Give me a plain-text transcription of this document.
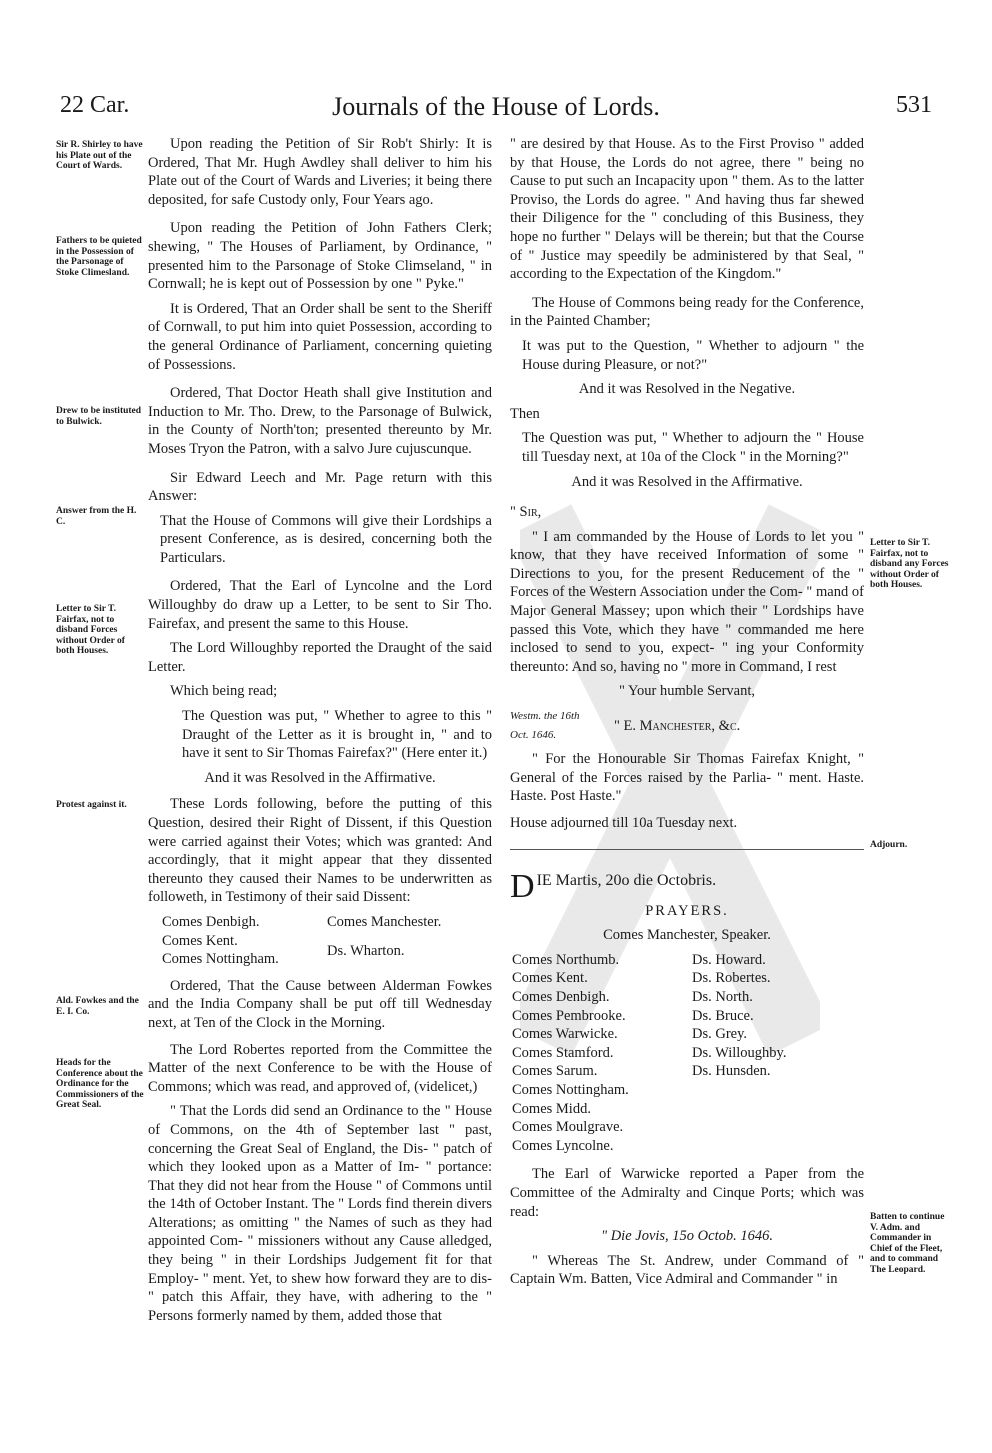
22 Car.	Journals of the House of Lords.	531
Sir R. Shirley to have his Plate out of the Court of Wards.
Fathers to be quieted in the Possession of the Parsonage of Stoke Climesland.
Drew to be instituted to Bulwick.
Answer from the H. C.
Letter to Sir T. Fairfax, not to disband Forces without Order of both Houses.
Protest against it.
Ald. Fowkes and the E. I. Co.
Heads for the Conference about the Ordinance for the Commissioners of the Great Seal.
Letter to Sir T. Fairfax, not to disband any Forces without Order of both Houses.
Adjourn.
Batten to continue V. Adm. and Commander in Chief of the Fleet, and to command The Leopard.

Upon reading the Petition of Sir Rob't Shirly: It is Ordered, That Mr. Hugh Awdley shall deliver to him his Plate out of the Court of Wards and Liveries; it being there deposited, for safe Custody only, Four Years ago.

Upon reading the Petition of John Fathers Clerk; shewing, " The Houses of Parliament, by Ordinance, " presented him to the Parsonage of Stoke Climseland, " in Cornwall; he is kept out of Possession by one " Pyke."

It is Ordered, That an Order shall be sent to the Sheriff of Cornwall, to put him into quiet Possession, according to the general Ordinance of Parliament, concerning quieting of Possessions.

Ordered, That Doctor Heath shall give Institution and Induction to Mr. Tho. Drew, to the Parsonage of Bulwick, in the County of North'ton; presented thereunto by Mr. Moses Tryon the Patron, with a salvo Jure cujuscunque.

Sir Edward Leech and Mr. Page return with this Answer:

That the House of Commons will give their Lordships a present Conference, as is desired, concerning both the Particulars.

Ordered, That the Earl of Lyncolne and the Lord Willoughby do draw up a Letter, to be sent to Sir Tho. Fairefax, and present the same to this House.

The Lord Willoughby reported the Draught of the said Letter.

Which being read;

The Question was put, " Whether to agree to this " Draught of the Letter as it is brought in, " and to have it sent to Sir Thomas Fairefax?" (Here enter it.)

And it was Resolved in the Affirmative.

These Lords following, before the putting of this Question, desired their Right of Dissent, if this Question were carried against their Votes; which was granted: And accordingly, that it might appear that they dissented thereunto they caused their Names to be underwritten as followeth, in Testimony of their said Dissent:

Comes Denbigh.
Comes Kent.
Comes Nottingham.
Comes Manchester.
Ds. Wharton.

Ordered, That the Cause between Alderman Fowkes and the India Company shall be put off till Wednesday next, at Ten of the Clock in the Morning.

The Lord Robertes reported from the Committee the Matter of the next Conference to be with the House of Commons; which was read, and approved of, (videlicet,)

" That the Lords did send an Ordinance to the " House of Commons, on the 4th of September last " past, concerning the Great Seal of England, the Dis- " patch of which they looked upon as a Matter of Im- " portance: That they did not hear from the House " of Commons until the 14th of October Instant. The " Lords find therein divers Alterations; as omitting " the Names of such as they had appointed Com- " missioners without any Cause alledged, they being " in their Lordships Judgement fit for that Employ- " ment. Yet, to shew how forward they are to dis- " patch this Affair, they have, with adhering to the " Persons formerly named by them, added those that

" are desired by that House. As to the First Proviso " added by that House, the Lords do not agree, there " being no Cause to put such an Incapacity upon " them. As to the latter Proviso, the Lords do agree. " And having thus far shewed their Diligence for the " concluding of this Business, they hope no further " Delays will be therein; but that the Course of " Justice may speedily be administered by that Seal, " according to the Expectation of the Kingdom."

The House of Commons being ready for the Conference, in the Painted Chamber;

It was put to the Question, " Whether to adjourn " the House during Pleasure, or not?"

And it was Resolved in the Negative.

Then

The Question was put, " Whether to adjourn the " House till Tuesday next, at 10a of the Clock " in the Morning?"

And it was Resolved in the Affirmative.

" Sir,

" I am commanded by the House of Lords to let you " know, that they have received Information of some " Directions to you, for the present Reducement of the " Forces of the Western Association under the Com- " mand of Major General Massey; upon which their " Lordships have passed this Vote, which they have " commanded me here inclosed to send to you, expect- " ing your Conformity thereunto: And so, having no " more in Command, I rest

" Your humble Servant,

Westm. the 16th Oct. 1646.
" E. Manchester, &c.

" For the Honourable Sir Thomas Fairefax Knight, " General of the Forces raised by the Parlia- " ment. Haste. Haste. Post Haste."

House adjourned till 10a Tuesday next.

DIE Martis, 20o die Octobris.

PRAYERS.

Comes Manchester, Speaker.

Comes Northumb.
Comes Kent.
Comes Denbigh.
Comes Pembrooke.
Comes Warwicke.
Comes Stamford.
Comes Sarum.
Comes Nottingham.
Comes Midd.
Comes Moulgrave.
Comes Lyncolne.
Ds. Howard.
Ds. Robertes.
Ds. North.
Ds. Bruce.
Ds. Grey.
Ds. Willoughby.
Ds. Hunsden.

The Earl of Warwicke reported a Paper from the Committee of the Admiralty and Cinque Ports; which was read:

" Die Jovis, 15o Octob. 1646.

" Whereas The St. Andrew, under Command of " Captain Wm. Batten, Vice Admiral and Commander " in
